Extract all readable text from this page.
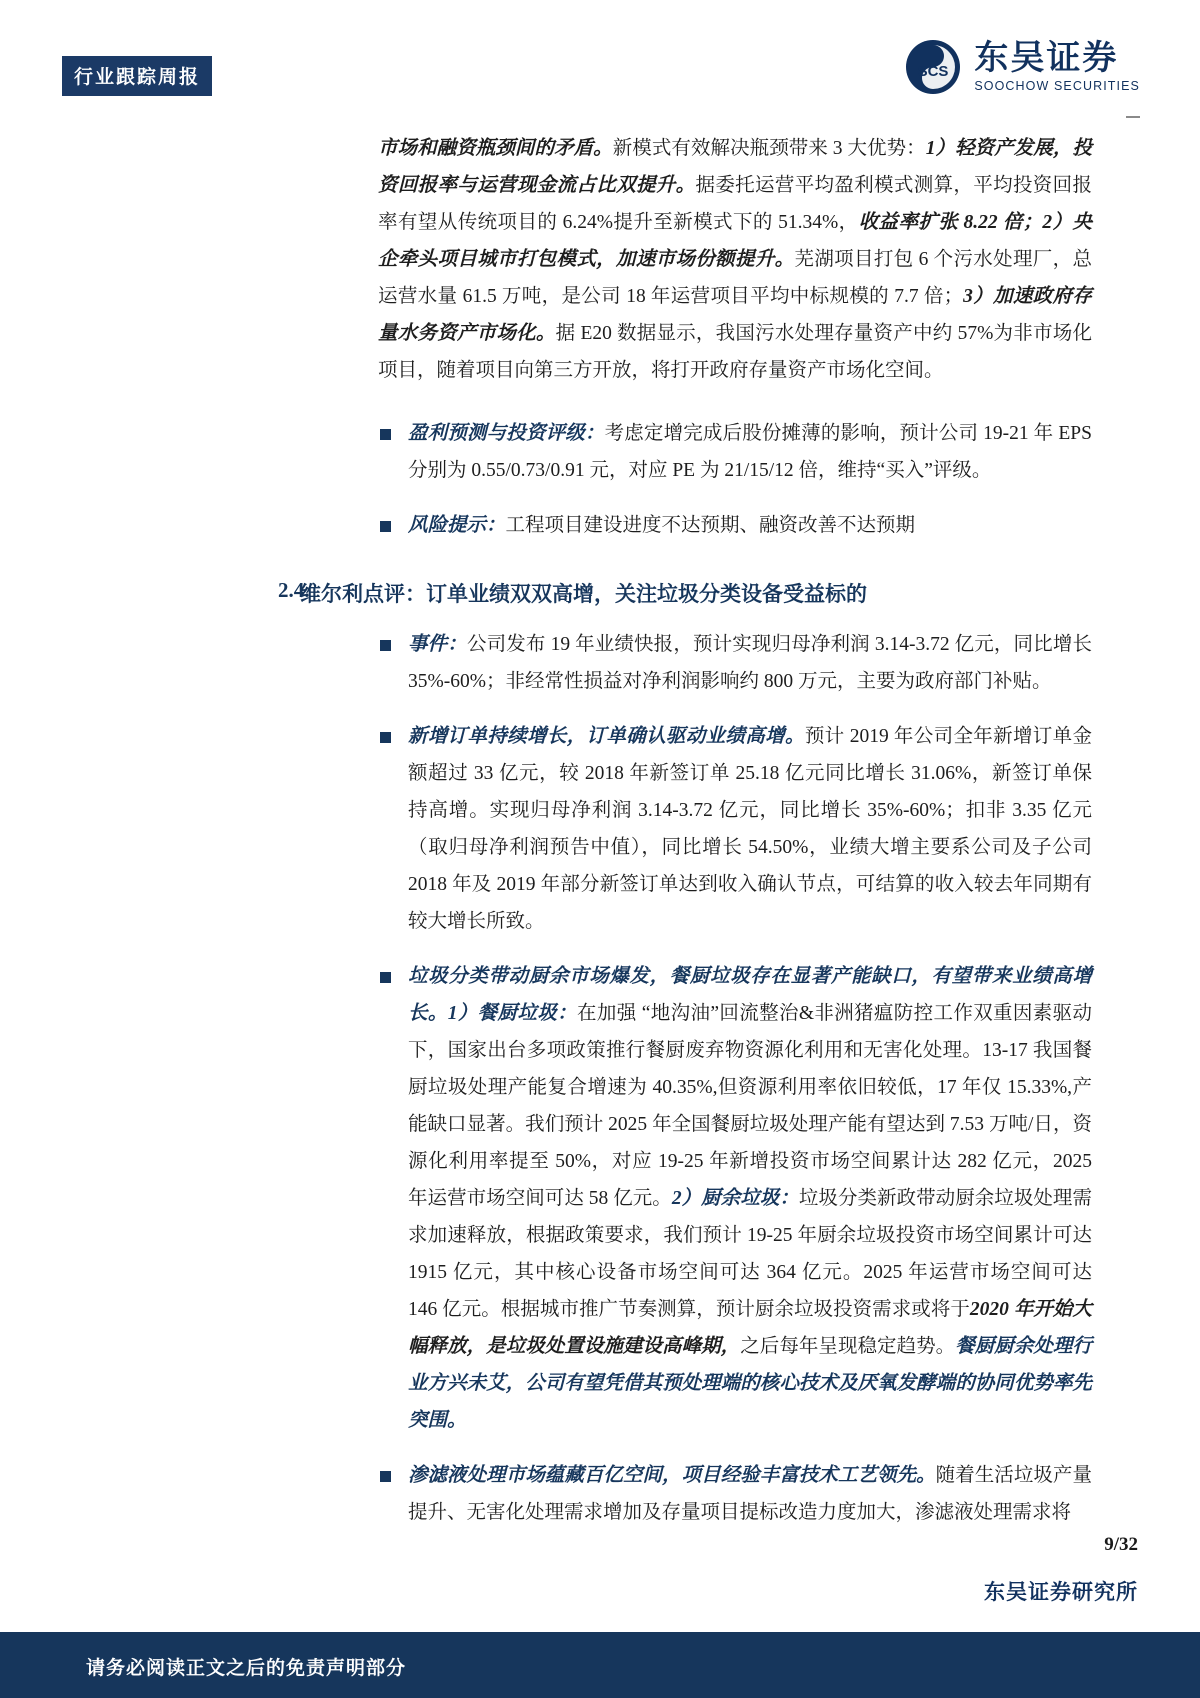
行业跟踪周报	SCS 东吴证券
SOOCHOW SECURITIES

市场和融资瓶颈间的矛盾。新模式有效解决瓶颈带来 3 大优势：1）轻资产发展，投资回报率与运营现金流占比双提升。据委托运营平均盈利模式测算，平均投资回报率有望从传统项目的 6.24%提升至新模式下的 51.34%，收益率扩张 8.22 倍；2）央企牵头项目城市打包模式，加速市场份额提升。芜湖项目打包 6 个污水处理厂，总运营水量 61.5 万吨，是公司 18 年运营项目平均中标规模的 7.7 倍；3）加速政府存量水务资产市场化。据 E20 数据显示，我国污水处理存量资产中约 57%为非市场化项目，随着项目向第三方开放，将打开政府存量资产市场化空间。

盈利预测与投资评级：考虑定增完成后股份摊薄的影响，预计公司 19-21 年 EPS 分别为 0.55/0.73/0.91 元，对应 PE 为 21/15/12 倍，维持“买入”评级。

风险提示：工程项目建设进度不达预期、融资改善不达预期

2.4.
维尔利点评：订单业绩双双高增，关注垃圾分类设备受益标的

事件：公司发布 19 年业绩快报，预计实现归母净利润 3.14-3.72 亿元，同比增长 35%-60%；非经常性损益对净利润影响约 800 万元，主要为政府部门补贴。

新增订单持续增长，订单确认驱动业绩高增。预计 2019 年公司全年新增订单金额超过 33 亿元，较 2018 年新签订单 25.18 亿元同比增长 31.06%，新签订单保持高增。实现归母净利润 3.14-3.72 亿元，同比增长 35%-60%；扣非 3.35 亿元（取归母净利润预告中值），同比增长 54.50%，业绩大增主要系公司及子公司 2018 年及 2019 年部分新签订单达到收入确认节点，可结算的收入较去年同期有较大增长所致。

垃圾分类带动厨余市场爆发，餐厨垃圾存在显著产能缺口，有望带来业绩高增长。1）餐厨垃圾：在加强 “地沟油”回流整治&非洲猪瘟防控工作双重因素驱动下，国家出台多项政策推行餐厨废弃物资源化利用和无害化处理。13-17 我国餐厨垃圾处理产能复合增速为 40.35%,但资源利用率依旧较低，17 年仅 15.33%,产能缺口显著。我们预计 2025 年全国餐厨垃圾处理产能有望达到 7.53 万吨/日，资源化利用率提至 50%，对应 19-25 年新增投资市场空间累计达 282 亿元，2025 年运营市场空间可达 58 亿元。2）厨余垃圾：垃圾分类新政带动厨余垃圾处理需求加速释放，根据政策要求，我们预计 19-25 年厨余垃圾投资市场空间累计可达 1915 亿元，其中核心设备市场空间可达 364 亿元。2025 年运营市场空间可达 146 亿元。根据城市推广节奏测算，预计厨余垃圾投资需求或将于2020 年开始大幅释放，是垃圾处置设施建设高峰期，之后每年呈现稳定趋势。餐厨厨余处理行业方兴未艾，公司有望凭借其预处理端的核心技术及厌氧发酵端的协同优势率先突围。

渗滤液处理市场蕴藏百亿空间，项目经验丰富技术工艺领先。随着生活垃圾产量提升、无害化处理需求增加及存量项目提标改造力度加大，渗滤液处理需求将

9/32
东吴证券研究所
请务必阅读正文之后的免责声明部分
